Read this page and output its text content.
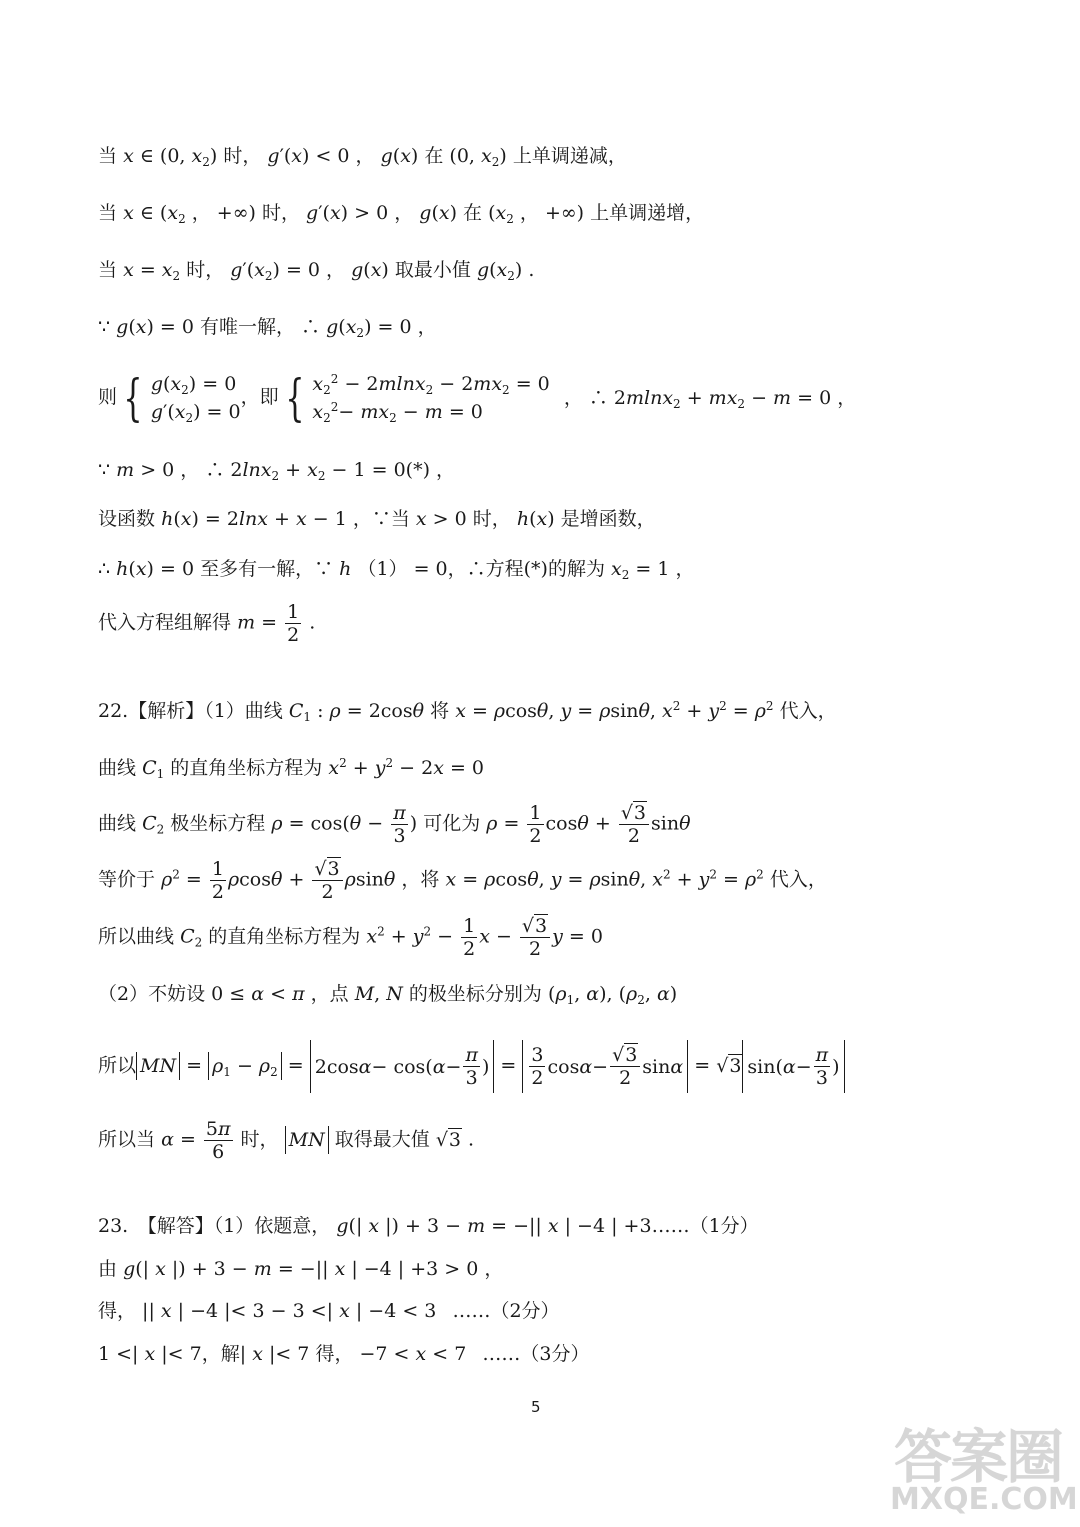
当 x ∈ (0, $x_2$) 时， g′(x) < 0 ， g(x) 在 (0, $x_2$) 上单调递减，
当 x ∈ ($x_2$ ， +∞) 时， g′(x) > 0 ， g(x) 在 ($x_2$ ， +∞) 上单调递增，
当 $x = x_2$ 时， $g'(x_2) = 0$ ， g(x) 取最小值 $g(x_2)$ .
∵ g(x) = 0 有唯一解， ∴ $g(x_2) = 0$ ，
则 { $g(x_2) = 0$
$g'(x_2) = 0$
，即 { $x_2^2 - 2mlnx_2 - 2mx_2 = 0$
$x_2^2- mx_2 - m = 0$
， ∴ $2mlnx_2 + mx_2 - m = 0$ ，
∵ m > 0 ， ∴ $2\ln x_2 + x_2 - 1 = 0(*)$ ，
设函数 h(x) = 2lnx + x − 1 ，∵当 x > 0 时， h(x) 是增函数，
∴ h(x) = 0 至多有一解，∵ h （1） = 0，∴方程(*)的解为 $x_2 = 1$ ，
代入方程组解得 $m = \frac{1}{2}$ .
22.【解析】（1）曲线 $C_1$ : ρ = 2cosθ 将 x = ρcosθ, y = ρsinθ, $x^2 + y^2 = \rho^2$ 代入，
曲线 $C_1$ 的直角坐标方程为 $x^2 + y^2 - 2x = 0$
曲线 $C_2$ 极坐标方程 $\rho = \cos(\theta - \frac{\pi}{3}$ ) 可化为 $\rho = \frac{1}{2}$ $\cos\theta + \frac{√3}{2}$ sinθ
等价于 $\rho^2 = \frac{1}{2}$ $\rho\cos\theta + \frac{√3}{2}$ ρsinθ ，将 x = ρcosθ, y = ρsinθ, $x^2 + y^2 = \rho^2$ 代入，
所以曲线 $C_2$ 的直角坐标方程为 $x^2 + y^2 - \frac{1}{2}$ $x - \frac{√3}{2}$ y = 0
（2）不妨设 0 ≤ α < π ，点 M, N 的极坐标分别为 ($\rho_1$, α), ($\rho_2$, α)
所以 MN = $\rho_1 - \rho_2 = 2\cos$ α − cos( $\alpha - \frac{\pi}{3}$ ) = $\frac{3}{2}$ $\cos \alpha - \frac{√3}{2}$ sin α = √3 sin( $\alpha - \frac{\pi}{3}$ )
所以当 $\alpha = \frac{5\pi}{6}$ 时， MN 取得最大值 √3 .
23.　【解答】（1）依题意， g(| x |) + 3 − m = −|| x | −4 | +3……（1分）
由 g(| x |) + 3 − m = −|| x | −4 | +3 > 0 ，
得， || x | −4 |< 3 − 3 <| x | −4 < 3 ……（2分）
1 <| x |< 7，解| x |< 7 得， −7 < x < 7 ……（3分）
5
答案圈
MXQE.COM
